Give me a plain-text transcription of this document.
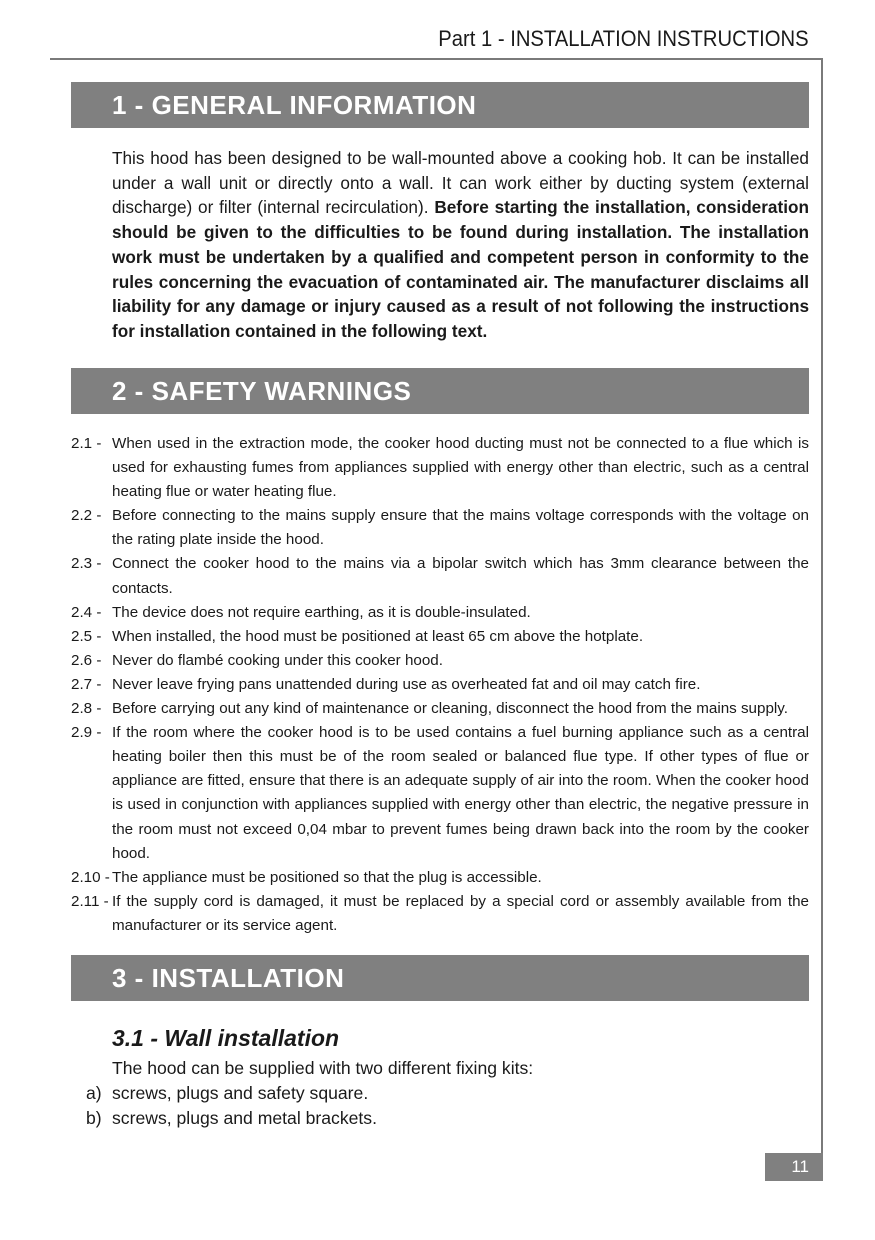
Part 1 - INSTALLATION INSTRUCTIONS
1 - GENERAL INFORMATION

This hood has been designed to be wall-mounted above a cooking hob. It can be installed under a wall unit or directly onto a wall. It can work either by ducting system (external discharge) or filter (internal recirculation). Before starting the installation, consideration should be given to the difficulties to be found during installation. The installation work must be undertaken by a qualified and competent person in conformity to the rules concerning the evacuation of contaminated air. The manufacturer disclaims all liability for any damage or injury caused as a result of not following the instructions for installation contained in the following text.

2 - SAFETY WARNINGS
2.1 - When used in the extraction mode, the cooker hood ducting must not be connected to a flue which is used for exhausting fumes from appliances supplied with energy other than electric, such as a central heating flue or water heating flue.
2.2 - Before connecting to the mains supply ensure that the mains voltage corresponds with the voltage on the rating plate inside the hood.
2.3 - Connect the cooker hood to the mains via a bipolar switch which has 3mm clearance between the contacts.
2.4 - The device does not require earthing, as it is double-insulated.
2.5 - When installed, the hood must be positioned at least 65 cm above the hotplate.
2.6 - Never do flambé cooking under this cooker hood.
2.7 - Never leave frying pans unattended during use as overheated fat and oil may catch fire.
2.8 - Before carrying out any kind of maintenance or cleaning, disconnect the hood from the mains supply.
2.9 - If the room where the cooker hood is to be used contains a fuel burning appliance such as a central heating boiler then this must be of the room sealed or balanced flue type. If other types of flue or appliance are fitted, ensure that there is an adequate supply of air into the room. When the cooker hood is used in conjunction with appliances supplied with energy other than electric, the negative pressure in the room must not exceed 0,04 mbar to prevent fumes being drawn back into the room by the cooker hood.
2.10 - The appliance must be positioned so that the plug is accessible.
2.11 - If the supply cord is damaged, it must be replaced by a special cord or assembly available from the manufacturer or its service agent.
3 - INSTALLATION
3.1 - Wall installation
The hood can be supplied with two different fixing kits:
a) screws, plugs and safety square.
b) screws, plugs and metal brackets.
11
